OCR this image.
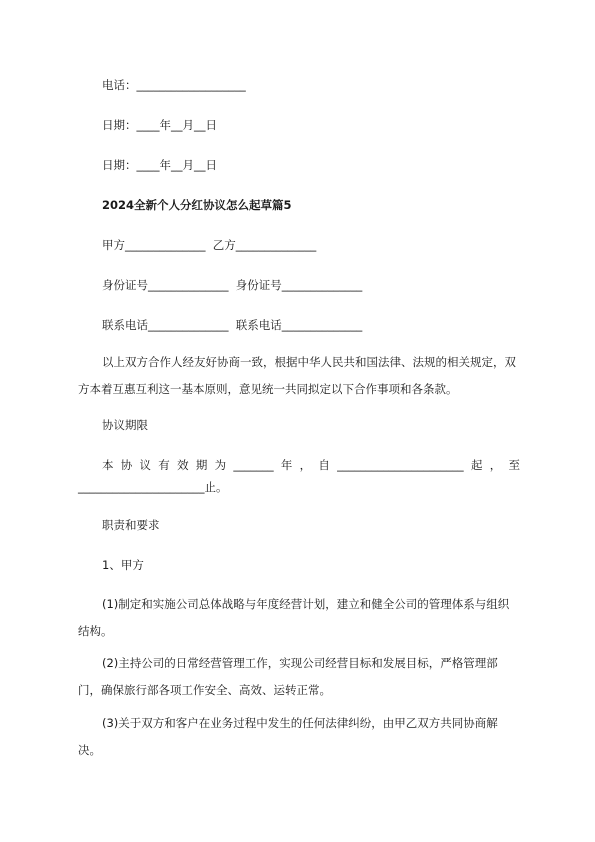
电话：___________________
日期：____年__月__日
日期：____年__月__日
2024全新个人分红协议怎么起草篇5
甲方______________  乙方______________
身份证号______________  身份证号______________
联系电话______________  联系电话______________
以上双方合作人经友好协商一致，根据中华人民共和国法律、法规的相关规定，双方本着互惠互利这一基本原则，意见统一共同拟定以下合作事项和各条款。
协议期限
本 协 议 有 效 期 为 _______ 年 ， 自 ______________________ 起 ， 至
______________________止。
职责和要求
1、甲方
(1)制定和实施公司总体战略与年度经营计划，建立和健全公司的管理体系与组织结构。
(2)主持公司的日常经营管理工作，实现公司经营目标和发展目标，严格管理部门，确保旅行部各项工作安全、高效、运转正常。
(3)关于双方和客户在业务过程中发生的任何法律纠纷，由甲乙双方共同协商解决。
